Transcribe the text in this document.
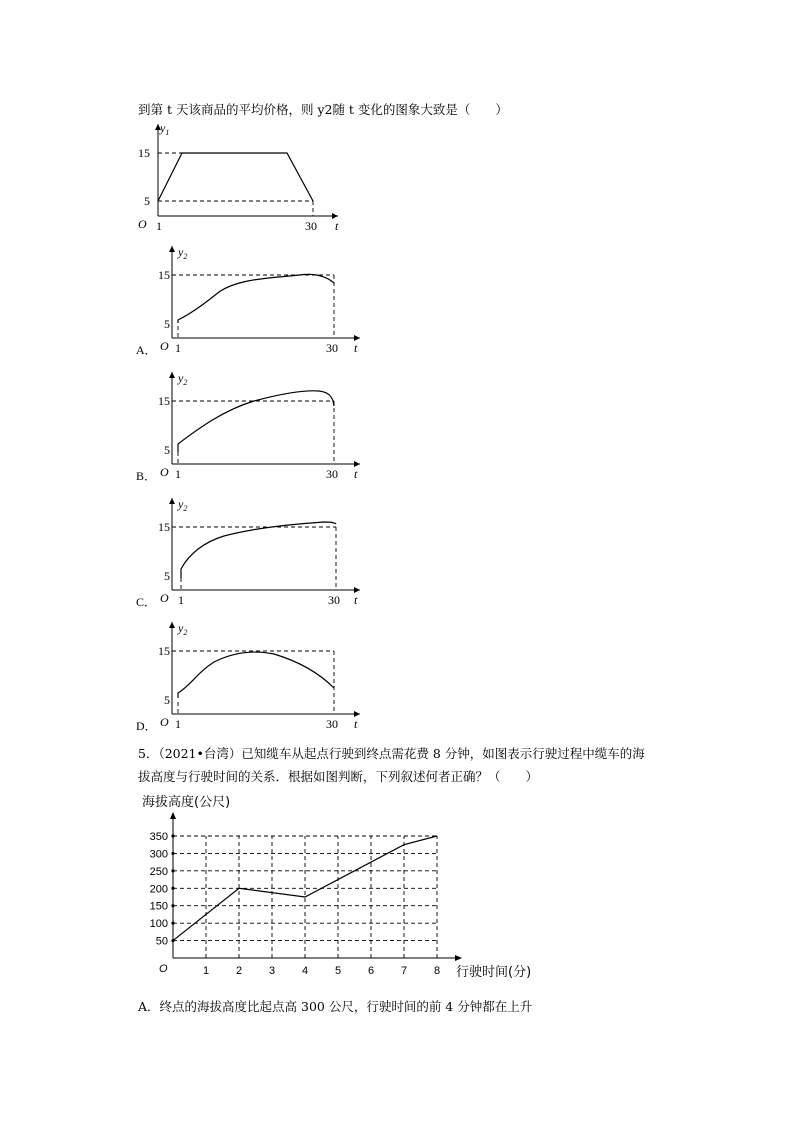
到第 t 天该商品的平均价格，则 y2随 t 变化的图象大致是（　　）
$y_1$
O 1	30 t
15
5
$y_2$
15
5
O 1	30 t
A．
$y_2$
15
5
O 1	30 t
B．
$y_2$
15
5
O 1	30 t
C．
$y_2$
15
5
O 1	30 t
D．
5．（2021•台湾）已知缆车从起点行驶到终点需花费 8 分钟，如图表示行驶过程中缆车的海
拔高度与行驶时间的关系．根据如图判断，下列叙述何者正确？（　　）
1 2 3 4 5 6 7 8
50
100
150
200
250
300
350
O
海拔高度(公尺)
行驶时间(分)
A．终点的海拔高度比起点高 300 公尺，行驶时间的前 4 分钟都在上升
